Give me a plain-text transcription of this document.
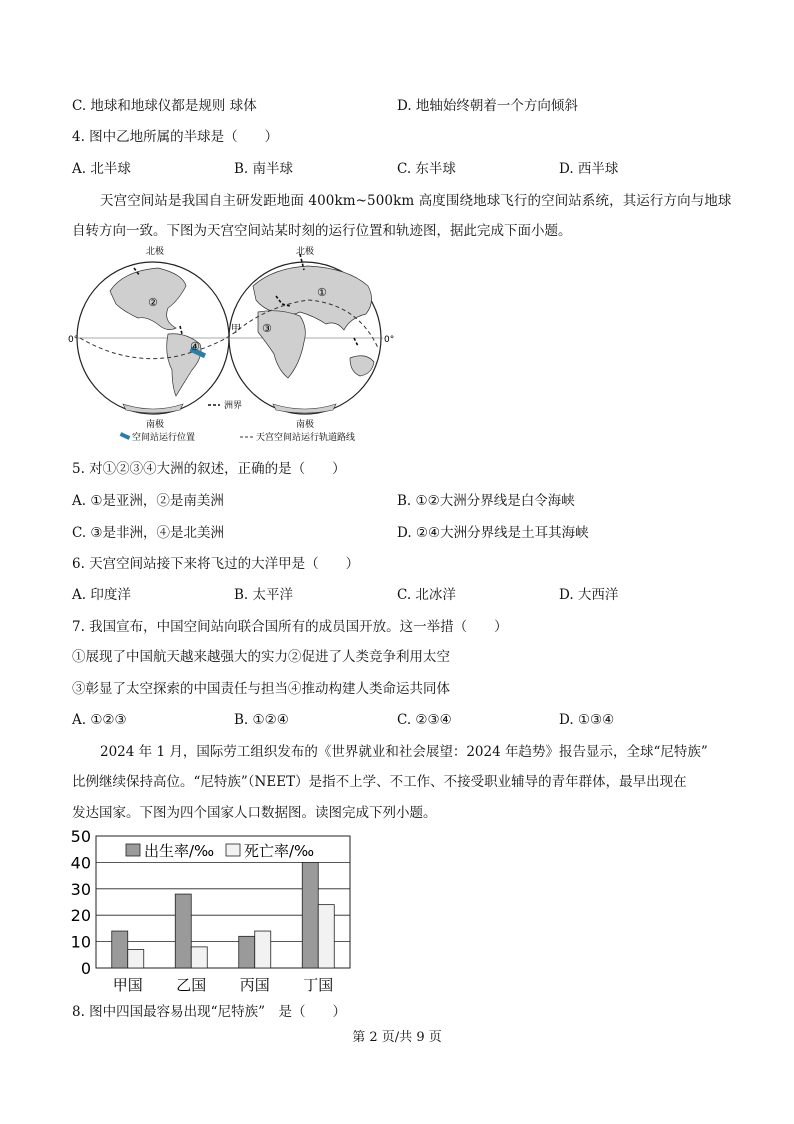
C. 地球和地球仪都是规则 球体	D. 地轴始终朝着一个方向倾斜
4. 图中乙地所属的半球是（　　）
A. 北半球	B. 南半球	C. 东半球	D. 西半球
天宫空间站是我国自主研发距地面 400km~500km 高度围绕地球飞行的空间站系统，其运行方向与地球
自转方向一致。下图为天宫空间站某时刻的运行位置和轨迹图，据此完成下面小题。
北极	北极
南极	南极
0°	0°
甲
①
②
③
④
洲界
空间站运行位置	天宫空间站运行轨道路线
5. 对①②③④大洲的叙述，正确的是（　　）
A. ①是亚洲，②是南美洲	B. ①②大洲分界线是白令海峡
C. ③是非洲，④是北美洲	D. ②④大洲分界线是土耳其海峡
6. 天宫空间站接下来将飞过的大洋甲是（　　）
A. 印度洋	B. 太平洋	C. 北冰洋	D. 大西洋
7. 我国宣布，中国空间站向联合国所有的成员国开放。这一举措（　　）
①展现了中国航天越来越强大的实力②促进了人类竞争利用太空
③彰显了太空探索的中国责任与担当④推动构建人类命运共同体
A. ①②③	B. ①②④	C. ②③④	D. ①③④
2024 年 1 月，国际劳工组织发布的《世界就业和社会展望：2024 年趋势》报告显示，全球“尼特族”
比例继续保持高位。“尼特族”（NEET）是指不上学、不工作、不接受职业辅导的青年群体，最早出现在
发达国家。下图为四个国家人口数据图。读图完成下列小题。
0
10
20
30
40
50
甲国 乙国 丙国 丁国
出生率/‰ 死亡率/‰
8. 图中四国最容易出现“尼特族”　是（　　）
第 2 页/共 9 页
